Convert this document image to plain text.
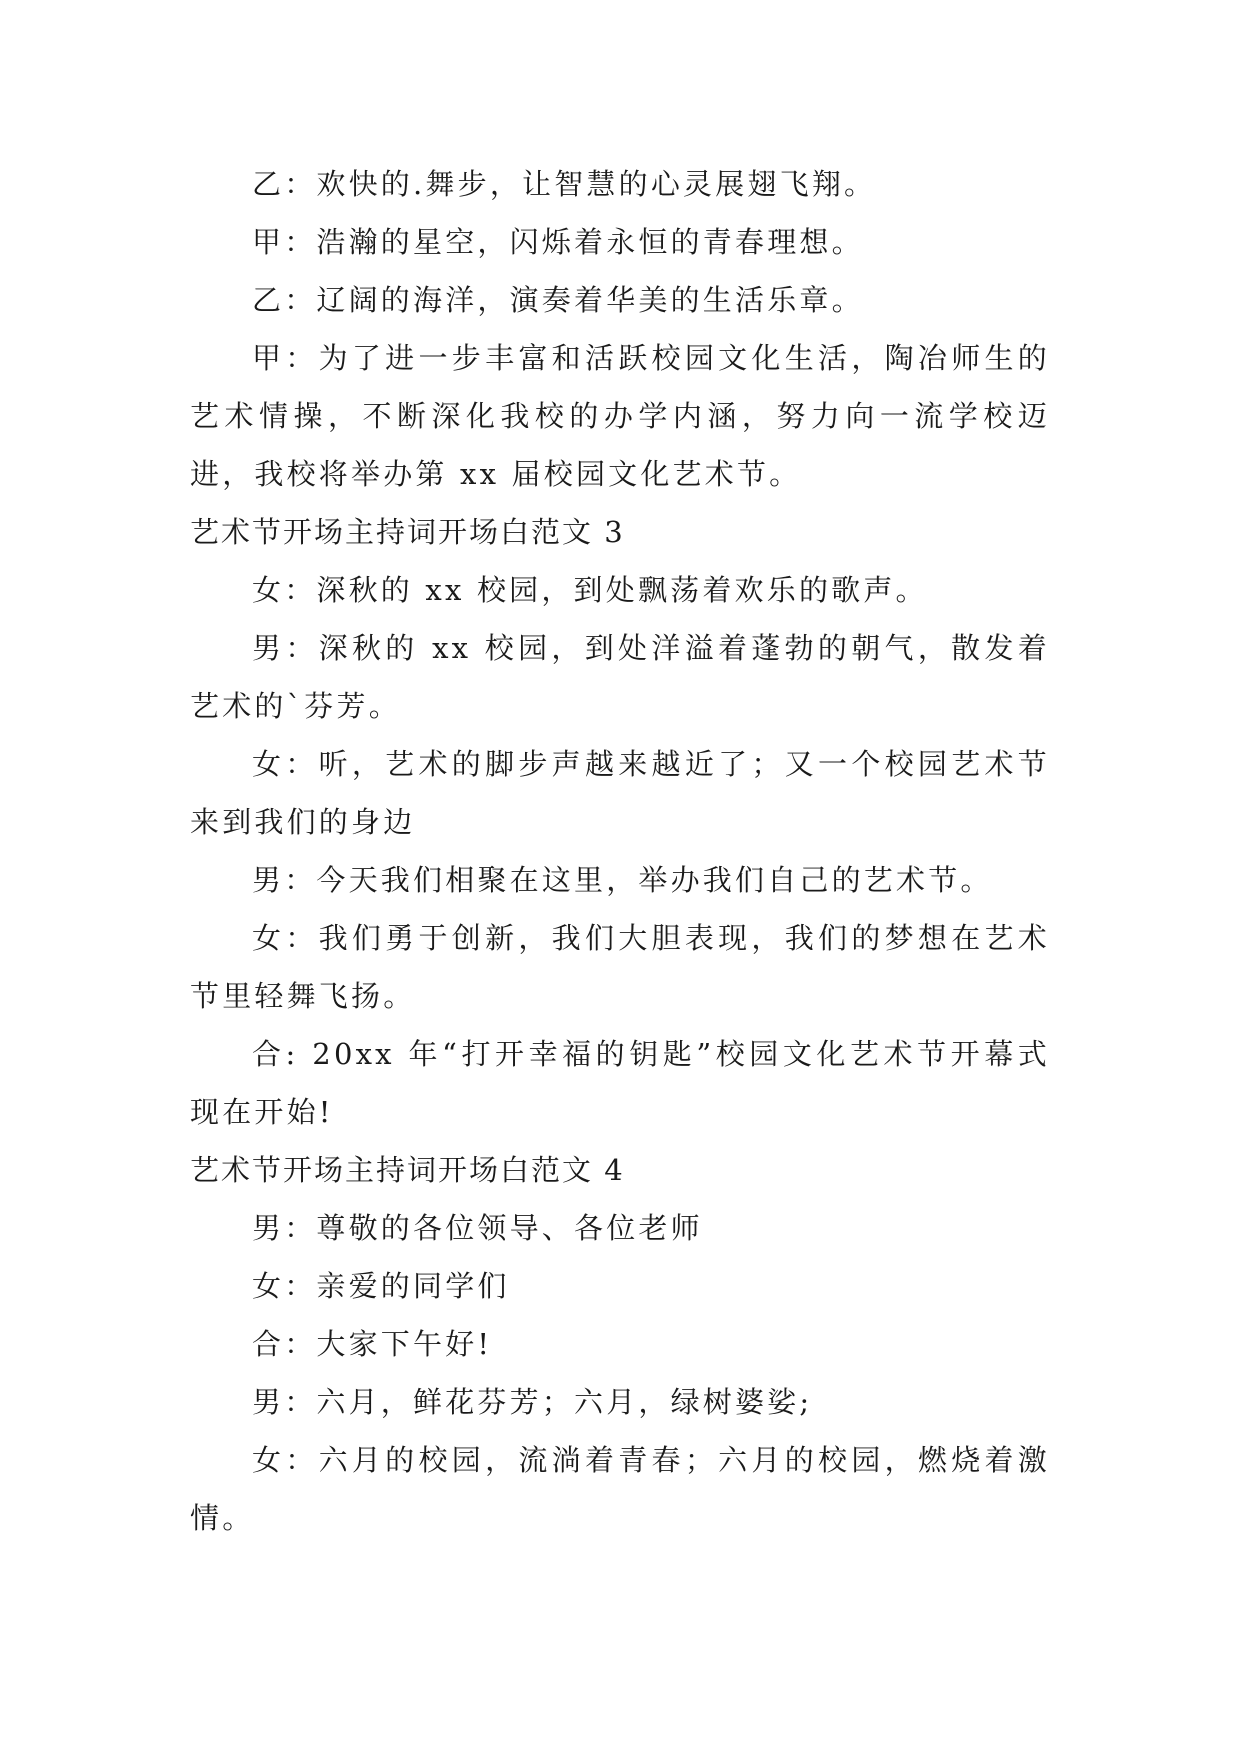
乙：欢快的.舞步，让智慧的心灵展翅飞翔。

甲：浩瀚的星空，闪烁着永恒的青春理想。

乙：辽阔的海洋，演奏着华美的生活乐章。

甲：为了进一步丰富和活跃校园文化生活，陶冶师生的艺术情操，不断深化我校的办学内涵，努力向一流学校迈进，我校将举办第 xx 届校园文化艺术节。

艺术节开场主持词开场白范文 3

女：深秋的 xx 校园，到处飘荡着欢乐的歌声。

男：深秋的 xx 校园，到处洋溢着蓬勃的朝气，散发着艺术的`芬芳。

女：听，艺术的脚步声越来越近了；又一个校园艺术节来到我们的身边

男：今天我们相聚在这里，举办我们自己的艺术节。

女：我们勇于创新，我们大胆表现，我们的梦想在艺术节里轻舞飞扬。

合: 20xx 年“打开幸福的钥匙”校园文化艺术节开幕式现在开始!

艺术节开场主持词开场白范文 4

男：尊敬的各位领导、各位老师

女：亲爱的同学们

合：大家下午好!

男：六月，鲜花芬芳；六月，绿树婆娑;

女：六月的校园，流淌着青春；六月的校园，燃烧着激情。
